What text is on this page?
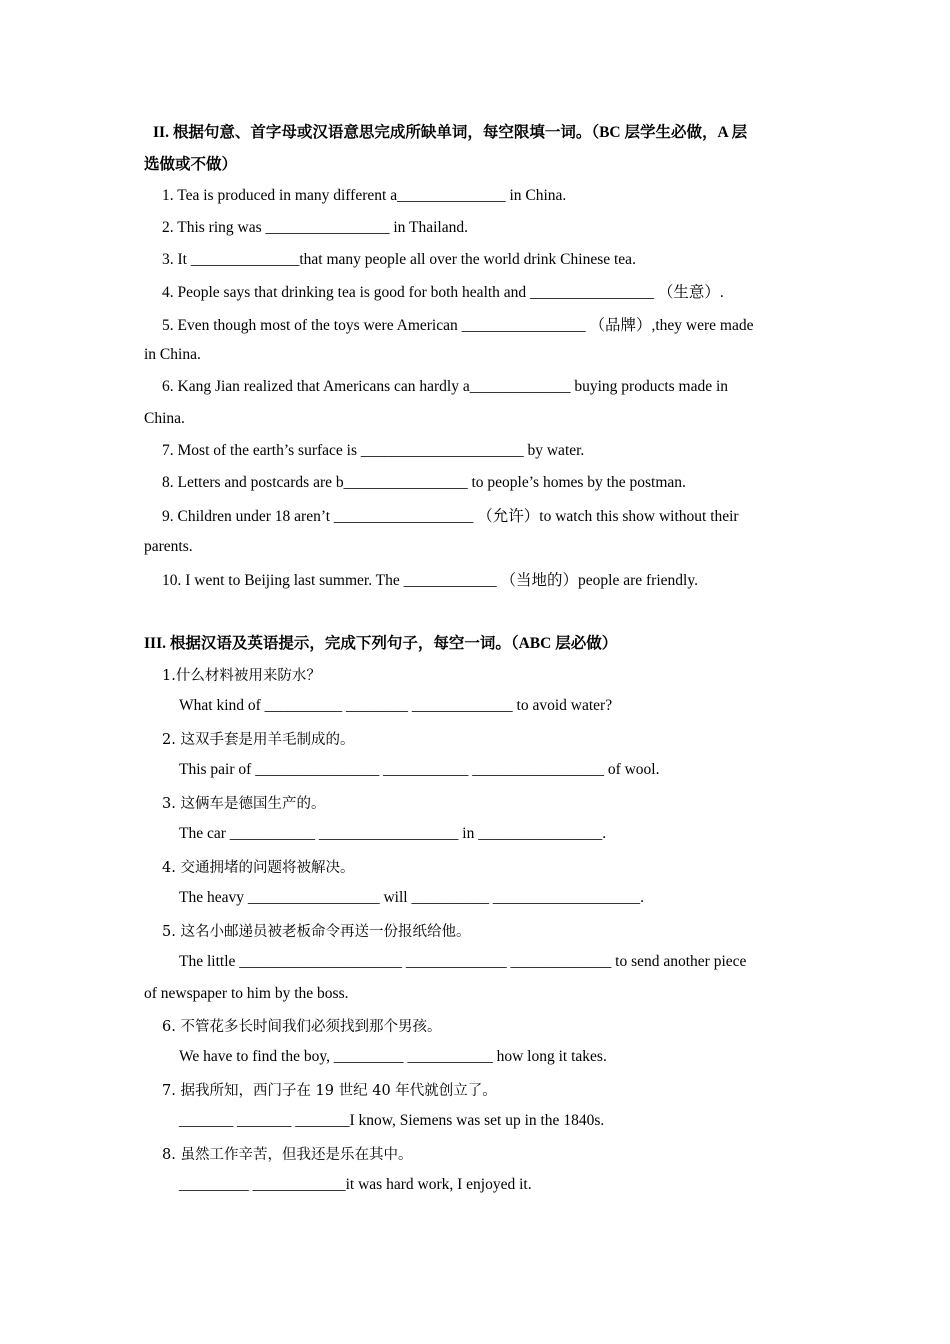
II. 根据句意、首字母或汉语意思完成所缺单词，每空限填一词。（BC 层学生必做，A 层
选做或不做）
1. Tea is produced in many different a______________ in China.
2. This ring was ________________ in Thailand.
3. It ______________that many people all over the world drink Chinese tea.
4. People says that drinking tea is good for both health and ________________ （生意）.
5. Even though most of the toys were American ________________ （品牌）,they were made
in China.
6. Kang Jian realized that Americans can hardly a_____________ buying products made in
China.
7. Most of the earth’s surface is _____________________ by water.
8. Letters and postcards are b________________ to people’s homes by the postman.
9. Children under 18 aren’t __________________ （允许）to watch this show without their
parents.
10. I went to Beijing last summer. The ____________ （当地的）people are friendly.
III. 根据汉语及英语提示，完成下列句子，每空一词。（ABC 层必做）
1.什么材料被用来防水？
What kind of __________ ________ _____________ to avoid water?
2. 这双手套是用羊毛制成的。
This pair of ________________ ___________ _________________ of wool.
3. 这俩车是德国生产的。
The car ___________ __________________ in ________________.
4. 交通拥堵的问题将被解决。
The heavy _________________ will __________ ___________________.
5. 这名小邮递员被老板命令再送一份报纸给他。
The little _____________________ _____________ _____________ to send another piece
of newspaper to him by the boss.
6. 不管花多长时间我们必须找到那个男孩。
We have to find the boy, _________ ___________ how long it takes.
7. 据我所知，西门子在 19 世纪 40 年代就创立了。
_______ _______ _______I know, Siemens was set up in the 1840s.
8. 虽然工作辛苦，但我还是乐在其中。
_________ ____________it was hard work, I enjoyed it.
